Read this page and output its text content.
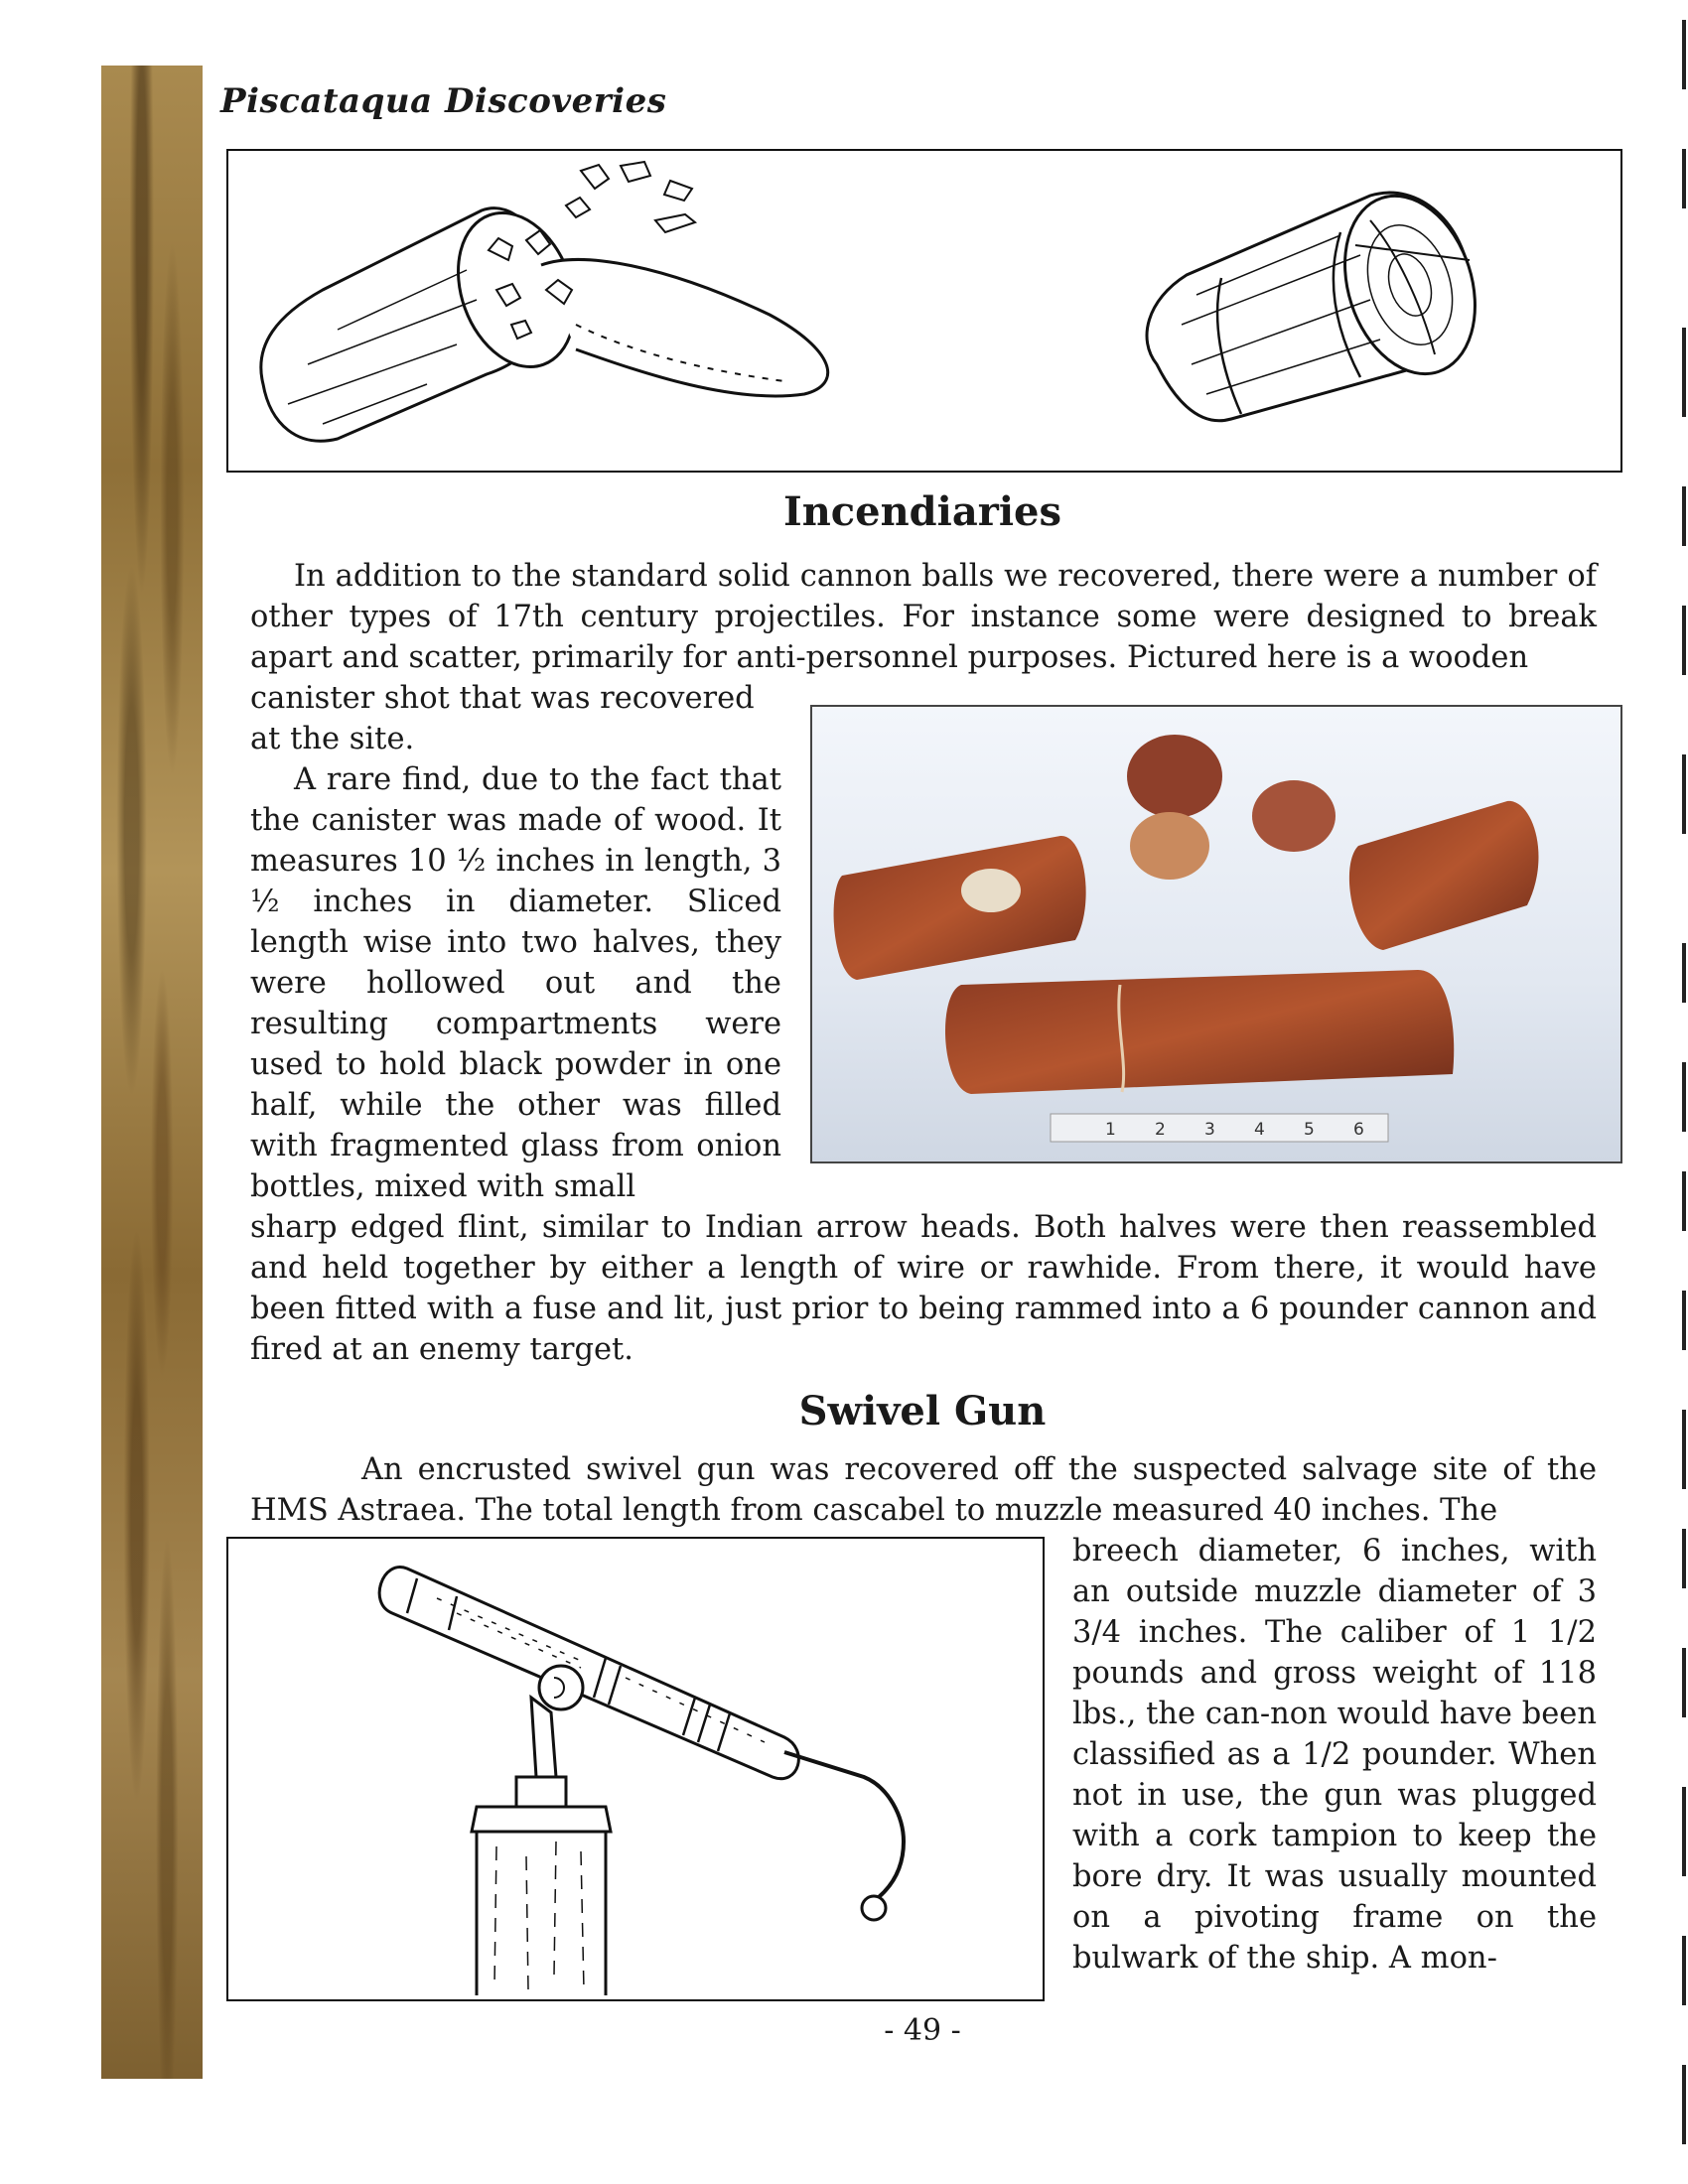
Piscataqua Discoveries
Incendiaries

In addition to the standard solid cannon balls we recovered, there were a number of other types of 17th century projectiles. For instance some were designed to break apart and scatter, primarily for anti-personnel purposes. Pictured here is a wooden

canister shot that was recovered at the site.

A rare find, due to the fact that the canister was made of wood. It measures 10 ½ inches in length, 3 ½ inches in diameter. Sliced length wise into two halves, they were hollowed out and the resulting compartments were used to hold black powder in one half, while the other was filled with fragmented glass from onion bottles, mixed with small

sharp edged flint, similar to Indian arrow heads. Both halves were then reassembled and held together by either a length of wire or rawhide. From there, it would have been fitted with a fuse and lit, just prior to being rammed into a 6 pounder cannon and fired at an enemy target.

1 2 3 4 5 6
Swivel Gun

An encrusted swivel gun was recovered off the suspected salvage site of the HMS Astraea. The total length from cascabel to muzzle measured 40 inches. The

breech diameter, 6 inches, with an outside muzzle diameter of 3 3/4 inches. The caliber of 1 1/2 pounds and gross weight of 118 lbs., the can-non would have been classified as a 1/2 pounder. When not in use, the gun was plugged with a cork tampion to keep the bore dry. It was usually mounted on a pivoting frame on the bulwark of the ship. A mon-

- 49 -
